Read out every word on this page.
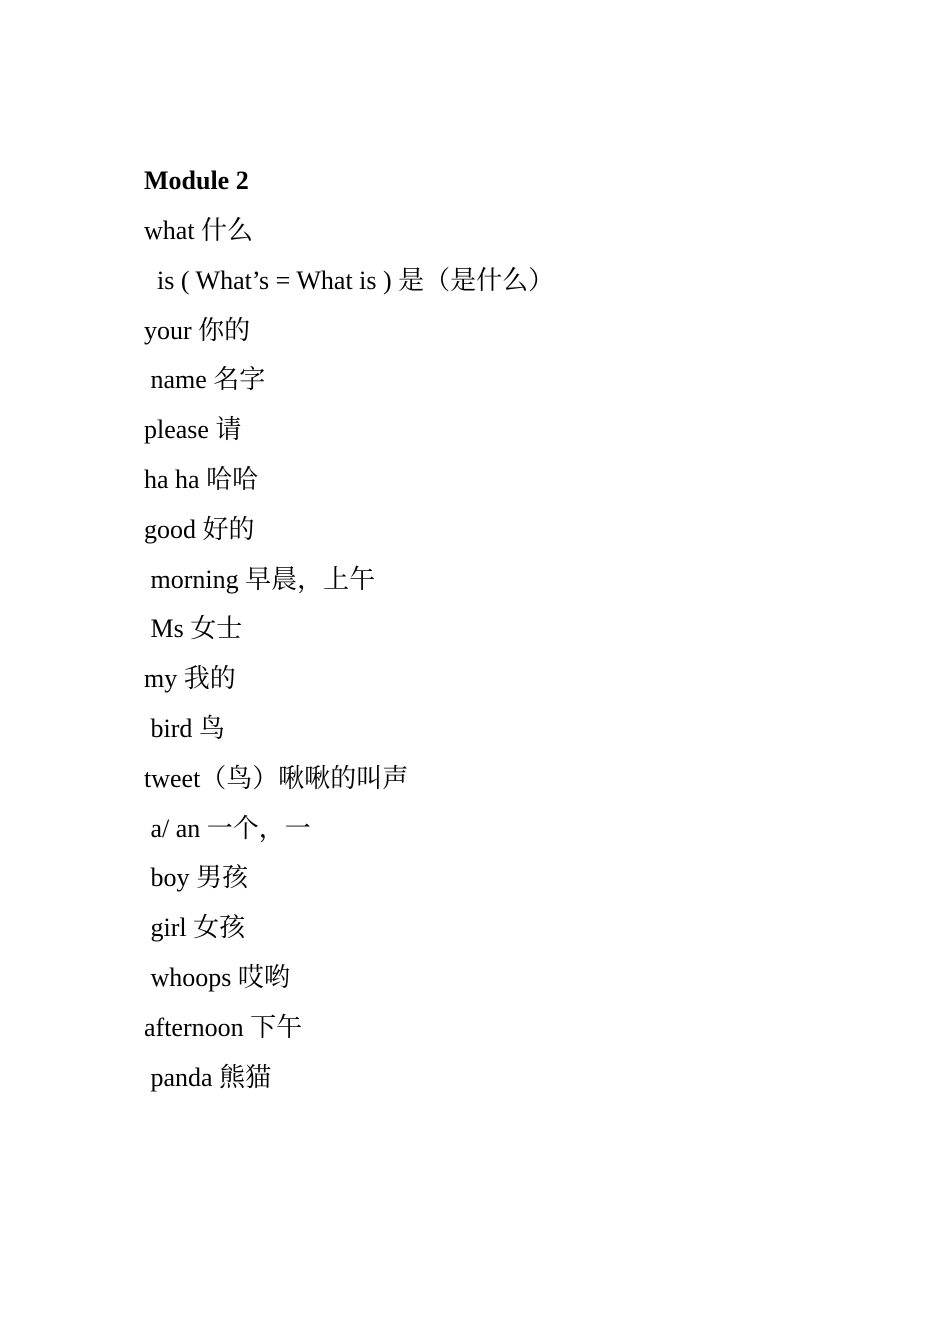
Module 2
what 什么
is ( What’s = What is ) 是（是什么）
your 你的
name 名字
please 请
ha ha 哈哈
good 好的
morning 早晨，上午
Ms 女士
my 我的
bird 鸟
tweet（鸟）啾啾的叫声
a/ an 一个，一
boy 男孩
girl 女孩
whoops 哎哟
afternoon 下午
panda 熊猫
